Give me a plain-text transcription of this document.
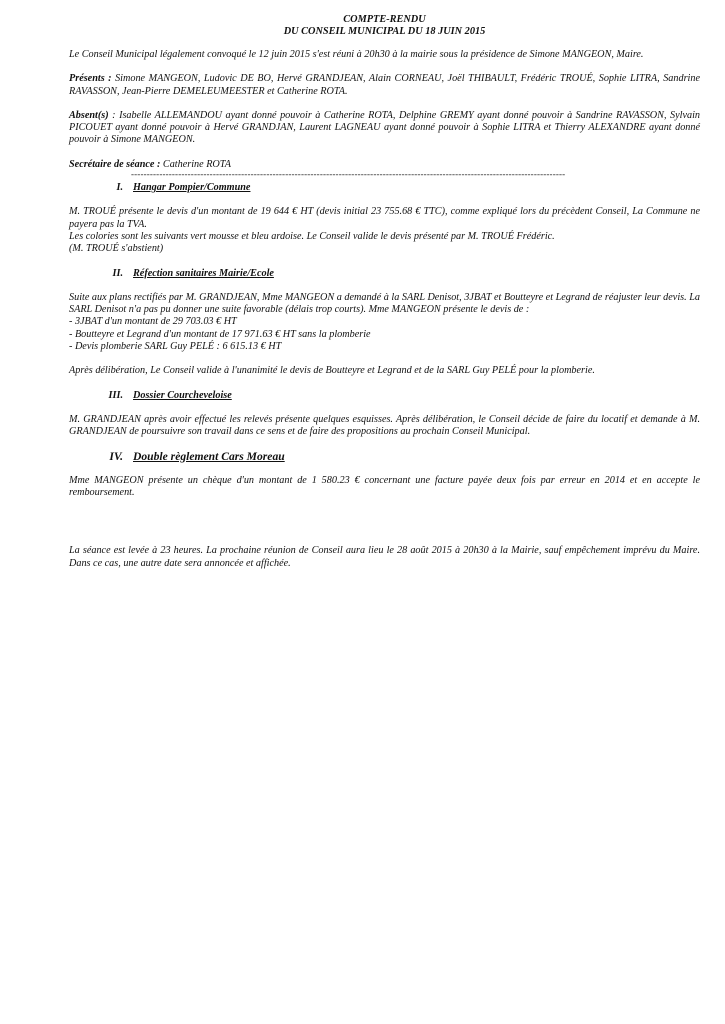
COMPTE-RENDU
DU CONSEIL MUNICIPAL DU 18 JUIN 2015

Le Conseil Municipal légalement convoqué le 12 juin 2015 s'est réuni à 20h30 à la mairie sous la présidence de Simone MANGEON, Maire.

Présents : Simone MANGEON, Ludovic DE BO, Hervé GRANDJEAN, Alain CORNEAU, Joël THIBAULT, Frédéric TROUÉ, Sophie LITRA, Sandrine RAVASSON, Jean-Pierre DEMELEUMEESTER et Catherine ROTA.

Absent(s) : Isabelle ALLEMANDOU ayant donné pouvoir à Catherine ROTA, Delphine GREMY ayant donné pouvoir à Sandrine RAVASSON, Sylvain PICOUET ayant donné pouvoir à Hervé GRANDJAN, Laurent LAGNEAU ayant donné pouvoir à Sophie LITRA et Thierry ALEXANDRE ayant donné pouvoir à Simone MANGEON.

Secrétaire de séance : Catherine ROTA

------------------------------------------------------------------------------------------------------------------------------------------
I. Hangar Pompier/Commune

M. TROUÉ présente le devis d'un montant de 19 644 € HT (devis initial 23 755.68 € TTC), comme expliqué lors du précèdent Conseil, La Commune ne payera pas la TVA.
Les colories sont les suivants vert mousse et bleu ardoise. Le Conseil valide le devis présenté par M. TROUÉ Frédéric.
(M. TROUÉ s'abstient)

II. Réfection sanitaires Mairie/Ecole

Suite aux plans rectifiés par M. GRANDJEAN, Mme MANGEON a demandé à la SARL Denisot, 3JBAT et Boutteyre et Legrand de réajuster leur devis. La SARL Denisot n'a pas pu donner une suite favorable (délais trop courts). Mme MANGEON présente le devis de :
- 3JBAT d'un montant de 29 703.03 € HT
- Boutteyre et Legrand d'un montant de 17 971.63 € HT sans la plomberie
- Devis plomberie SARL Guy PELÉ : 6 615.13 € HT

Après délibération, Le Conseil valide à l'unanimité le devis de Boutteyre et Legrand et de la SARL Guy PELÉ pour la plomberie.

III. Dossier Courcheveloise

M. GRANDJEAN après avoir effectué les relevés présente quelques esquisses. Après délibération, le Conseil décide de faire du locatif et demande à M. GRANDJEAN de poursuivre son travail dans ce sens et de faire des propositions au prochain Conseil Municipal.

IV. Double règlement Cars Moreau

Mme MANGEON présente un chèque d'un montant de 1 580.23 € concernant une facture payée deux fois par erreur en 2014 et en accepte le remboursement.

La séance est levée à 23 heures. La prochaine réunion de Conseil aura lieu le 28 août 2015 à 20h30 à la Mairie, sauf empêchement imprévu du Maire. Dans ce cas, une autre date sera annoncée et affichée.
